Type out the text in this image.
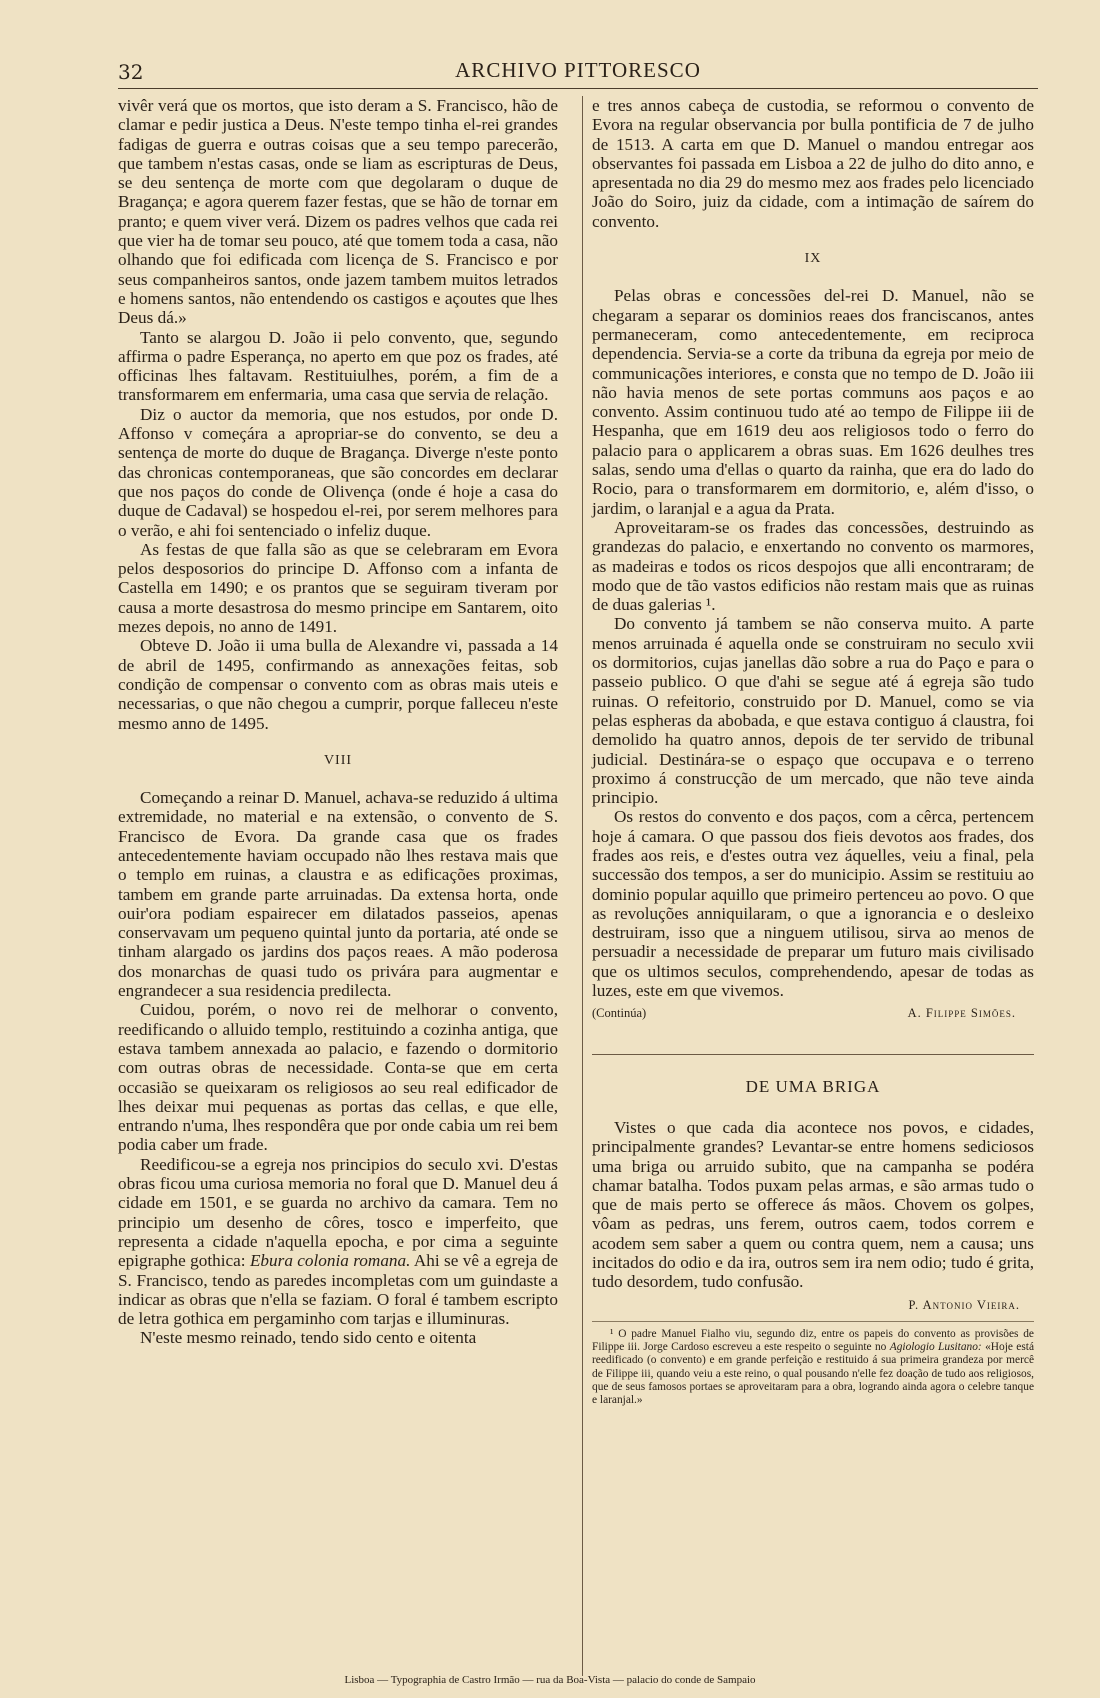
32	ARCHIVO PITTORESCO

vivêr verá que os mortos, que isto deram a S. Francisco, hão de clamar e pedir justica a Deus. N'este tempo tinha el-rei grandes fadigas de guerra e outras coisas que a seu tempo parecerão, que tambem n'estas casas, onde se liam as escripturas de Deus, se deu sentença de morte com que degolaram o duque de Bragança; e agora querem fazer festas, que se hão de tornar em pranto; e quem viver verá. Dizem os padres velhos que cada rei que vier ha de tomar seu pouco, até que tomem toda a casa, não olhando que foi edificada com licença de S. Francisco e por seus companheiros santos, onde jazem tambem muitos letrados e homens santos, não entendendo os castigos e açoutes que lhes Deus dá.»

Tanto se alargou D. João ii pelo convento, que, segundo affirma o padre Esperança, no aperto em que poz os frades, até officinas lhes faltavam. Restituiulhes, porém, a fim de a transformarem em enfermaria, uma casa que servia de relação.

Diz o auctor da memoria, que nos estudos, por onde D. Affonso v começára a apropriar-se do convento, se deu a sentença de morte do duque de Bragança. Diverge n'este ponto das chronicas contemporaneas, que são concordes em declarar que nos paços do conde de Olivença (onde é hoje a casa do duque de Cadaval) se hospedou el-rei, por serem melhores para o verão, e ahi foi sentenciado o infeliz duque.

As festas de que falla são as que se celebraram em Evora pelos desposorios do principe D. Affonso com a infanta de Castella em 1490; e os prantos que se seguiram tiveram por causa a morte desastrosa do mesmo principe em Santarem, oito mezes depois, no anno de 1491.

Obteve D. João ii uma bulla de Alexandre vi, passada a 14 de abril de 1495, confirmando as annexações feitas, sob condição de compensar o convento com as obras mais uteis e necessarias, o que não chegou a cumprir, porque falleceu n'este mesmo anno de 1495.

VIII

Começando a reinar D. Manuel, achava-se reduzido á ultima extremidade, no material e na extensão, o convento de S. Francisco de Evora. Da grande casa que os frades antecedentemente haviam occupado não lhes restava mais que o templo em ruinas, a claustra e as edificações proximas, tambem em grande parte arruinadas. Da extensa horta, onde ouir'ora podiam espairecer em dilatados passeios, apenas conservavam um pequeno quintal junto da portaria, até onde se tinham alargado os jardins dos paços reaes. A mão poderosa dos monarchas de quasi tudo os privára para augmentar e engrandecer a sua residencia predilecta.

Cuidou, porém, o novo rei de melhorar o convento, reedificando o alluido templo, restituindo a cozinha antiga, que estava tambem annexada ao palacio, e fazendo o dormitorio com outras obras de necessidade. Conta-se que em certa occasião se queixaram os religiosos ao seu real edificador de lhes deixar mui pequenas as portas das cellas, e que elle, entrando n'uma, lhes respondêra que por onde cabia um rei bem podia caber um frade.

Reedificou-se a egreja nos principios do seculo xvi. D'estas obras ficou uma curiosa memoria no foral que D. Manuel deu á cidade em 1501, e se guarda no archivo da camara. Tem no principio um desenho de côres, tosco e imperfeito, que representa a cidade n'aquella epocha, e por cima a seguinte epigraphe gothica: Ebura colonia romana. Ahi se vê a egreja de S. Francisco, tendo as paredes incompletas com um guindaste a indicar as obras que n'ella se faziam. O foral é tambem escripto de letra gothica em pergaminho com tarjas e illuminuras.

N'este mesmo reinado, tendo sido cento e oitenta

e tres annos cabeça de custodia, se reformou o convento de Evora na regular observancia por bulla pontificia de 7 de julho de 1513. A carta em que D. Manuel o mandou entregar aos observantes foi passada em Lisboa a 22 de julho do dito anno, e apresentada no dia 29 do mesmo mez aos frades pelo licenciado João do Soiro, juiz da cidade, com a intimação de saírem do convento.

IX

Pelas obras e concessões del-rei D. Manuel, não se chegaram a separar os dominios reaes dos franciscanos, antes permaneceram, como antecedentemente, em reciproca dependencia. Servia-se a corte da tribuna da egreja por meio de communicações interiores, e consta que no tempo de D. João iii não havia menos de sete portas communs aos paços e ao convento. Assim continuou tudo até ao tempo de Filippe iii de Hespanha, que em 1619 deu aos religiosos todo o ferro do palacio para o applicarem a obras suas. Em 1626 deulhes tres salas, sendo uma d'ellas o quarto da rainha, que era do lado do Rocio, para o transformarem em dormitorio, e, além d'isso, o jardim, o laranjal e a agua da Prata.

Aproveitaram-se os frades das concessões, destruindo as grandezas do palacio, e enxertando no convento os marmores, as madeiras e todos os ricos despojos que alli encontraram; de modo que de tão vastos edificios não restam mais que as ruinas de duas galerias ¹.

Do convento já tambem se não conserva muito. A parte menos arruinada é aquella onde se construiram no seculo xvii os dormitorios, cujas janellas dão sobre a rua do Paço e para o passeio publico. O que d'ahi se segue até á egreja são tudo ruinas. O refeitorio, construido por D. Manuel, como se via pelas espheras da abobada, e que estava contiguo á claustra, foi demolido ha quatro annos, depois de ter servido de tribunal judicial. Destinára-se o espaço que occupava e o terreno proximo á construcção de um mercado, que não teve ainda principio.

Os restos do convento e dos paços, com a cêrca, pertencem hoje á camara. O que passou dos fieis devotos aos frades, dos frades aos reis, e d'estes outra vez áquelles, veiu a final, pela successão dos tempos, a ser do municipio. Assim se restituiu ao dominio popular aquillo que primeiro pertenceu ao povo. O que as revoluções anniquilaram, o que a ignorancia e o desleixo destruiram, isso que a ninguem utilisou, sirva ao menos de persuadir a necessidade de preparar um futuro mais civilisado que os ultimos seculos, comprehendendo, apesar de todas as luzes, este em que vivemos.

(Continúa)	A. Filippe Simões.
DE UMA BRIGA

Vistes o que cada dia acontece nos povos, e cidades, principalmente grandes? Levantar-se entre homens sediciosos uma briga ou arruido subito, que na campanha se podéra chamar batalha. Todos puxam pelas armas, e são armas tudo o que de mais perto se offerece ás mãos. Chovem os golpes, vôam as pedras, uns ferem, outros caem, todos correm e acodem sem saber a quem ou contra quem, nem a causa; uns incitados do odio e da ira, outros sem ira nem odio; tudo é grita, tudo desordem, tudo confusão.

P. Antonio Vieira.

¹ O padre Manuel Fialho viu, segundo diz, entre os papeis do convento as provisões de Filippe iii. Jorge Cardoso escreveu a este respeito o seguinte no Agiologio Lusitano: «Hoje está reedificado (o convento) e em grande perfeição e restituido á sua primeira grandeza por mercê de Filippe iii, quando veiu a este reino, o qual pousando n'elle fez doação de tudo aos religiosos, que de seus famosos portaes se aproveitaram para a obra, logrando ainda agora o celebre tanque e laranjal.»

Lisboa — Typographia de Castro Irmão — rua da Boa-Vista — palacio do conde de Sampaio
